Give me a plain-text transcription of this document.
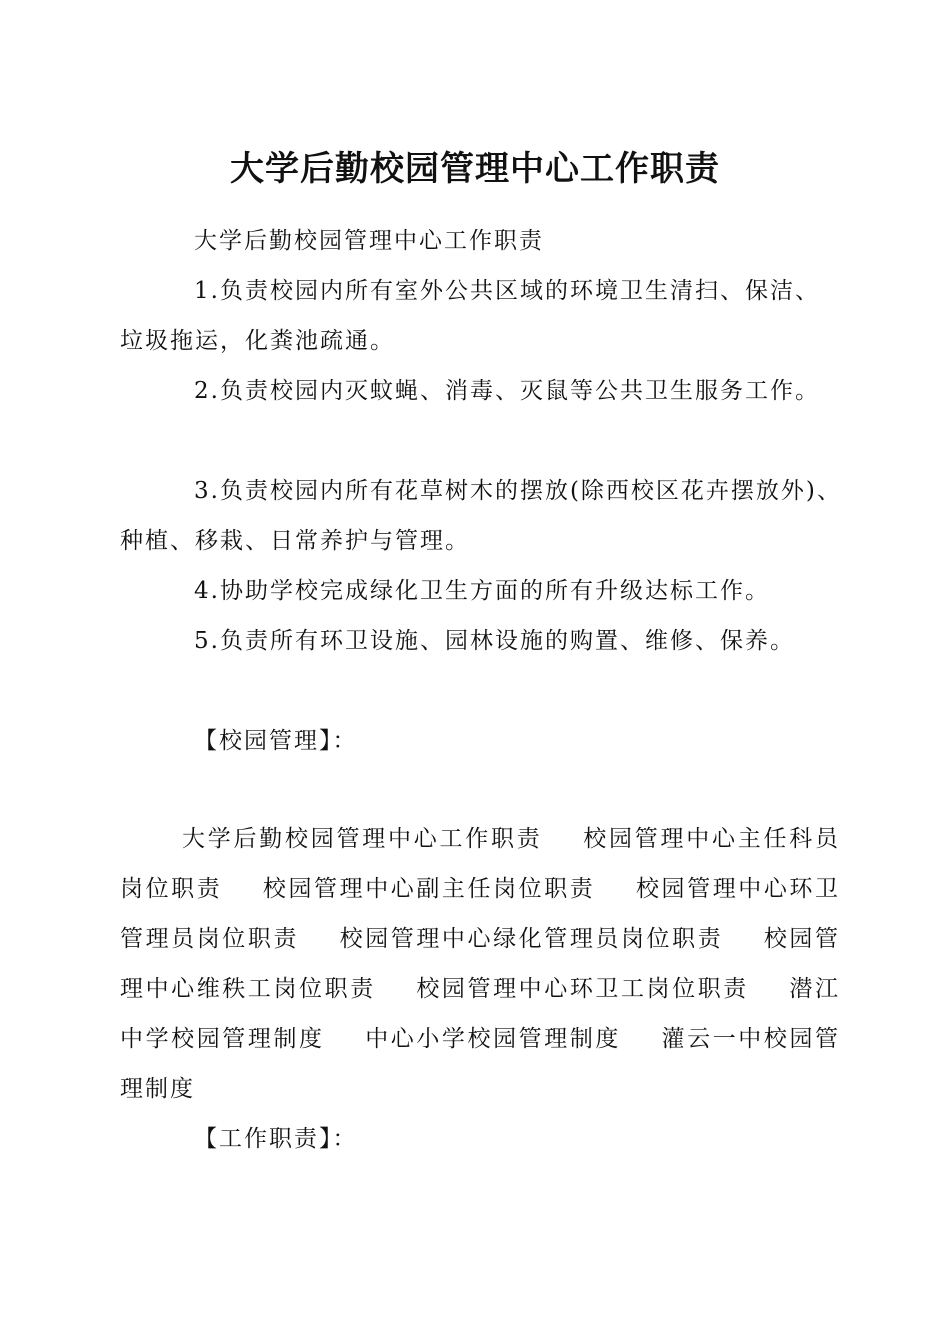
大学后勤校园管理中心工作职责

大学后勤校园管理中心工作职责

1.负责校园内所有室外公共区域的环境卫生清扫、保洁、垃圾拖运，化粪池疏通。

2.负责校园内灭蚊蝇、消毒、灭鼠等公共卫生服务工作。

3.负责校园内所有花草树木的摆放(除西校区花卉摆放外)、种植、移栽、日常养护与管理。

4.协助学校完成绿化卫生方面的所有升级达标工作。

5.负责所有环卫设施、园林设施的购置、维修、保养。

【校园管理】：

大学后勤校园管理中心工作职责 校园管理中心主任科员岗位职责 校园管理中心副主任岗位职责 校园管理中心环卫管理员岗位职责 校园管理中心绿化管理员岗位职责 校园管理中心维秩工岗位职责 校园管理中心环卫工岗位职责 潜江中学校园管理制度 中心小学校园管理制度 灌云一中校园管理制度

【工作职责】：
